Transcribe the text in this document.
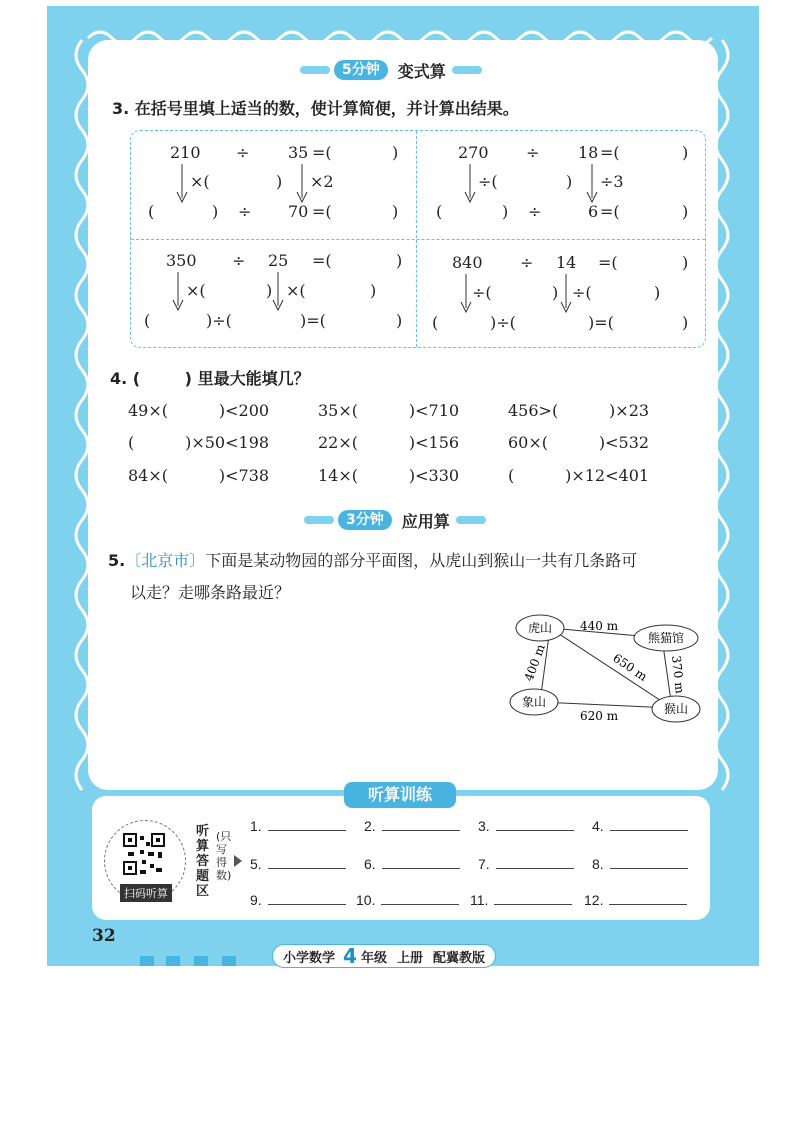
5分钟	变式算
3. 在括号里填上适当的数，使计算简便，并计算出结果。
210 ÷ 35 =(	)
×(	) ×2
(	) ÷ 70 =(	)
270 ÷ 18 =(	)
÷(	) ÷3
(	) ÷	6 =(	)
350 ÷ 25 =(	)
×(	) ×(	)
(	)÷(	)=(	)
840 ÷ 14 =(	)
÷(	) ÷(	)
(	)÷(	)=(	)
4. (        ) 里最大能填几？
49×(          )<200	35×(          )<710	456>(          )×23
(          )×50<198	22×(          )<156	60×(          )<532
84×(          )<738	14×(          )<330	(          )×12<401
3分钟	应用算
5.〔北京市〕下面是某动物园的部分平面图，从虎山到猴山一共有几条路可
以走？走哪条路最近？
虎山
熊猫馆
象山	猴山
440 m
650 m 370 m
400 m
620 m
听算训练
扫码听算
听算答题区
(只写得数)
1.	2.	3.	4.
5.	6.	7.	8.
9.	10.	11.	12.
32
小学数学 4 年级 上册 配冀教版
